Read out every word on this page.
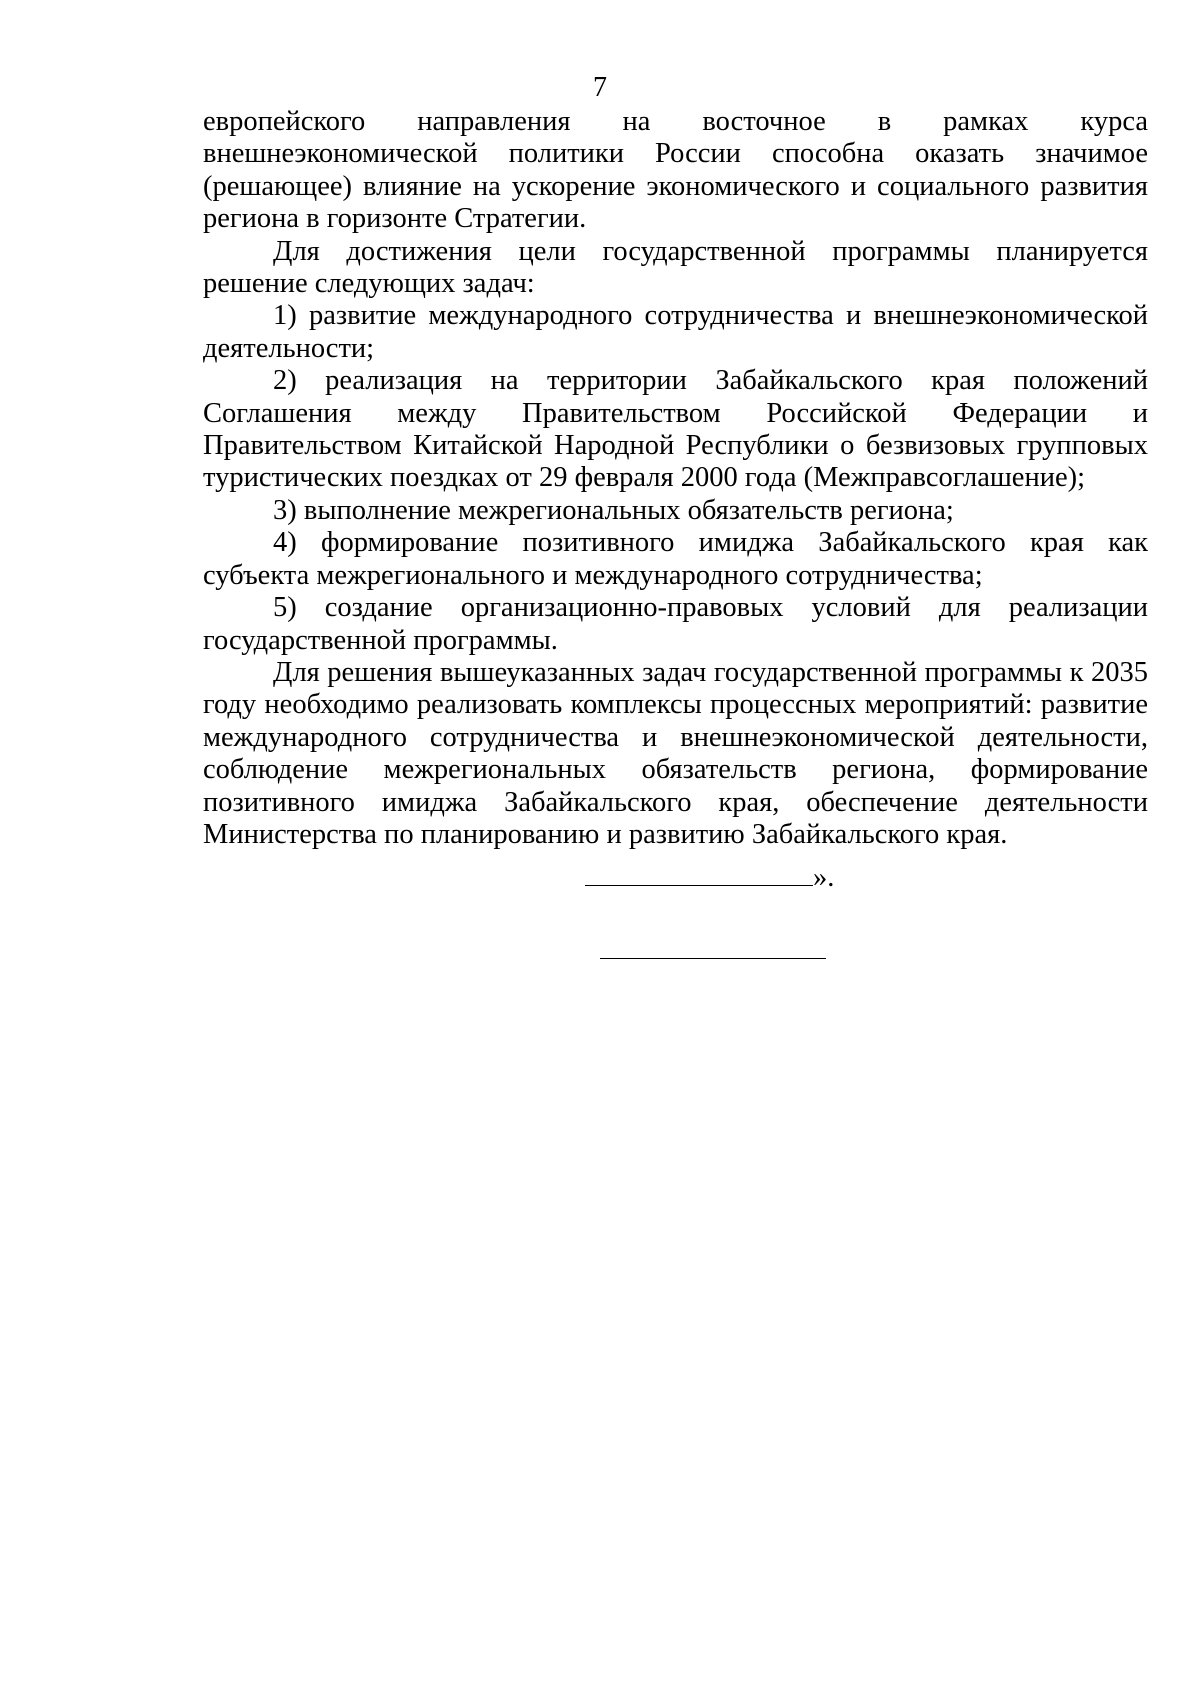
7

европейского направления на восточное в рамках курса внешнеэкономической политики России способна оказать значимое (решающее) влияние на ускорение экономического и социального развития региона в горизонте Стратегии.

Для достижения цели государственной программы планируется решение следующих задач:

1) развитие международного сотрудничества и внешнеэкономической деятельности;

2) реализация на территории Забайкальского края положений Соглашения между Правительством Российской Федерации и Правительством Китайской Народной Республики о безвизовых групповых туристических поездках от 29 февраля 2000 года (Межправсоглашение);

3) выполнение межрегиональных обязательств региона;

4) формирование позитивного имиджа Забайкальского края как субъекта межрегионального и международного сотрудничества;

5) создание организационно-правовых условий для реализации государственной программы.

Для решения вышеуказанных задач государственной программы к 2035 году необходимо реализовать комплексы процессных мероприятий: развитие международного сотрудничества и внешнеэкономической деятельности, соблюдение межрегиональных обязательств региона, формирование позитивного имиджа Забайкальского края, обеспечение деятельности Министерства по планированию и развитию Забайкальского края.

».
